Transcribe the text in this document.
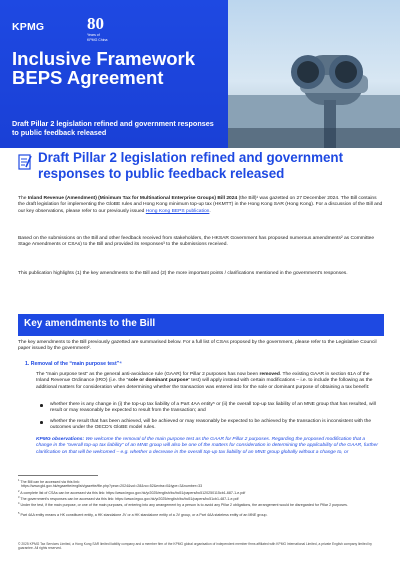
KPMG	80
Years of
KPMG China
Inclusive Framework BEPS Agreement
Draft Pillar 2 legislation refined and government responses to public feedback released
Draft Pillar 2 legislation refined and government responses to public feedback released
The Inland Revenue (Amendment) (Minimum Tax for Multinational Enterprise Groups) Bill 2024 (the Bill)¹ was gazetted on 27 December 2024. The Bill contains the draft legislation for implementing the GloBE rules and Hong Kong minimum top-up tax (HKMTT) in the Hong Kong SAR (Hong Kong). For a discussion of the Bill and our key observations, please refer to our previously issued Hong Kong BEPS publication.
Based on the submissions on the Bill and other feedback received from stakeholders, the HKSAR Government has proposed numerous amendments² as Committee Stage Amendments or CSAs) to the Bill and provided its responses³ to the submissions received.
This publication highlights (1) the key amendments to the Bill and (2) the more important points / clarifications mentioned in the government's responses.
Key amendments to the Bill
The key amendments to the Bill previously gazetted are summarised below. For a full list of CSAs proposed by the government, please refer to the Legislative Council paper issued by the government².
1. Removal of the “main purpose test”⁴
The “main purpose test” as the general anti-avoidance rule (GAAR) for Pillar 2 purposes has now been removed. The existing GAAR in section 61A of the Inland Revenue Ordinance (IRO) (i.e. the “sole or dominant purpose” test) will apply instead with certain modifications – i.e. to include the following as the additional matters for consideration when determining whether the transaction was entered into for the sole or dominant purpose of obtaining a tax benefit:
whether there is any change in (i) the top-up tax liability of a Part 4AA entity⁵ or (ii) the overall top-up tax liability of an MNE group that has resulted, will result or may reasonably be expected to result from the transaction; and
whether the result that has been achieved, will be achieved or may reasonably be expected to be achieved by the transaction is inconsistent with the outcomes under the OECD's GloBE model rules.
KPMG observations: We welcome the removal of the main purpose test as the GAAR for Pillar 2 purposes. Regarding the proposed modification that a change in the “overall top-up tax liability” of an MNE group will also be one of the matters for consideration in determining the applicability of the GAAR, further clarification on that will be welcomed – e.g. whether a decrease in the overall top-up tax liability of an MNE group globally without a change to, or
$^1$ The Bill can be accessed via this link:
https://www.gld.gov.hk/egazette/english/gazette/file.php?year=2024&vol=28&no=52&extra=0&type=3&number=33
$^2$ A complete list of CSAs can be accessed via this link: https://www.legco.gov.hk/yr2025/english/bc/bc51/papers/bc5120250115cb1-687-1-e.pdf
$^3$ The government's responses can be accessed via this link: https://www.legco.gov.hk/yr2025/english/bc/bc51/papers/bc51cb1-487-1-e.pdf
$^4$ Under the test, if the main purpose, or one of the main purposes, of entering into any arrangement by a person is to avoid any Pillar 2 obligations, the arrangement would be disregarded for Pillar 2 purposes.
$^5$ Part 4AA entity means a HK constituent entity, a HK standalone JV or a HK standalone entity of a JV group, or a Part 4AA stateless entity of an MNE group.
© 2025 KPMG Tax Services Limited, a Hong Kong SAR limited liability company and a member firm of the KPMG global organisation of independent member firms affiliated with KPMG International Limited, a private English company limited by guarantee. All rights reserved.
